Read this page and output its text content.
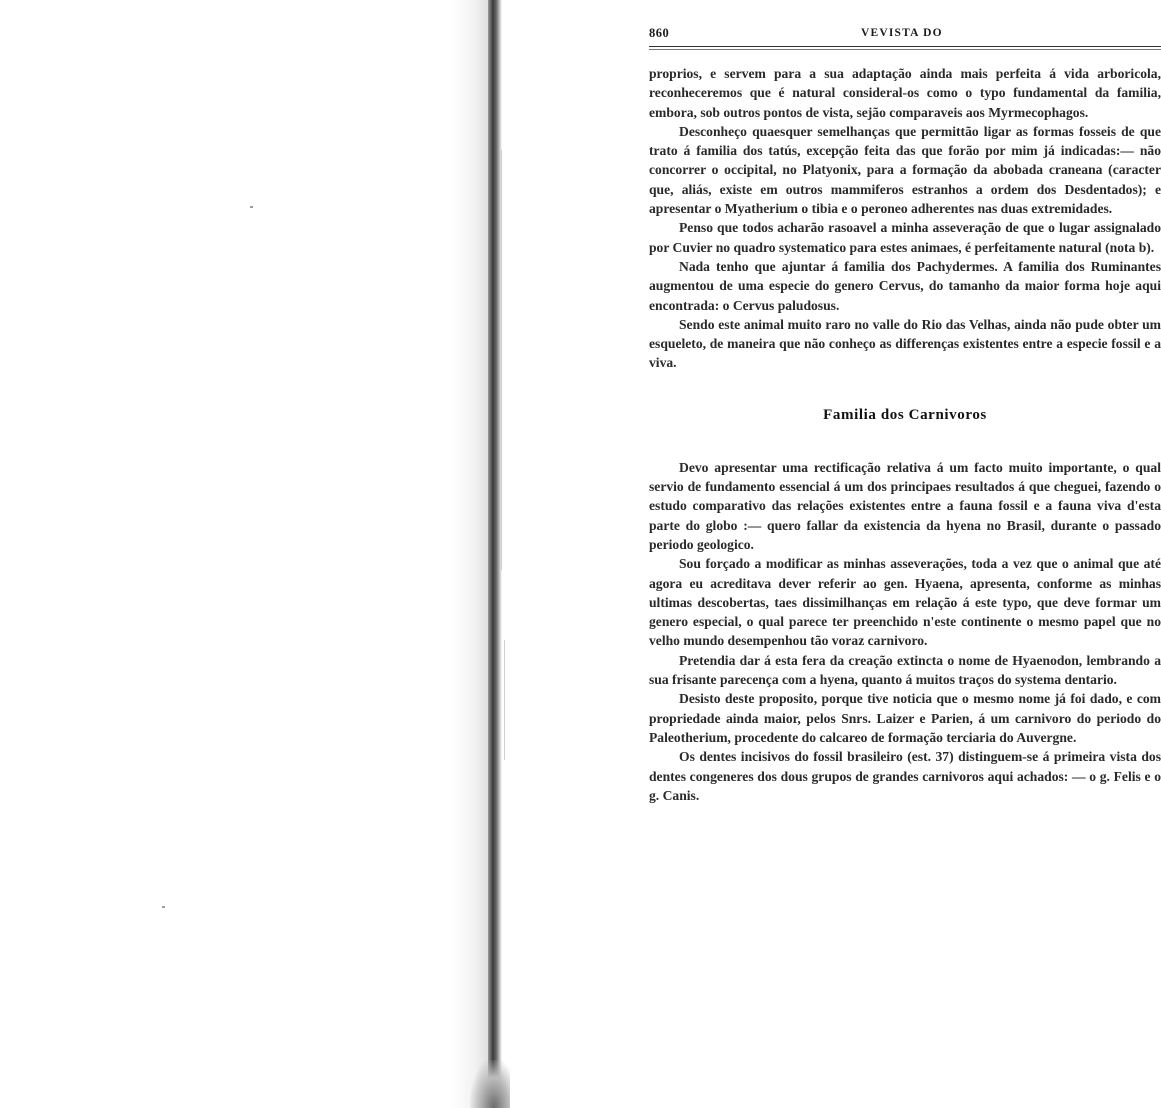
860	VEVISTA DO

proprios, e servem para a sua adaptação ainda mais perfeita á vida arboricola, reconheceremos que é natural consideral-os como o typo fundamental da familia, embora, sob outros pontos de vista, sejão comparaveis aos Myrmecophagos.

Desconheço quaesquer semelhanças que permittão ligar as formas fosseis de que trato á familia dos tatús, excepção feita das que forão por mim já indicadas:— não concorrer o occipital, no Platyonix, para a formação da abobada craneana (caracter que, aliás, existe em outros mammiferos estranhos a ordem dos Desdentados); e apresentar o Myatherium o tibia e o peroneo adherentes nas duas extremidades.

Penso que todos acharão rasoavel a minha asseveração de que o lugar assignalado por Cuvier no quadro systematico para estes animaes, é perfeitamente natural (nota b).

Nada tenho que ajuntar á familia dos Pachydermes. A familia dos Ruminantes augmentou de uma especie do genero Cervus, do tamanho da maior forma hoje aqui encontrada: o Cervus paludosus.

Sendo este animal muito raro no valle do Rio das Velhas, ainda não pude obter um esqueleto, de maneira que não conheço as differenças existentes entre a especie fossil e a viva.

Familia dos Carnivoros

Devo apresentar uma rectificação relativa á um facto muito importante, o qual servio de fundamento essencial á um dos principaes resultados á que cheguei, fazendo o estudo comparativo das relações existentes entre a fauna fossil e a fauna viva d'esta parte do globo :— quero fallar da existencia da hyena no Brasil, durante o passado periodo geologico.

Sou forçado a modificar as minhas asseverações, toda a vez que o animal que até agora eu acreditava dever referir ao gen. Hyaena, apresenta, conforme as minhas ultimas descobertas, taes dissimilhanças em relação á este typo, que deve formar um genero especial, o qual parece ter preenchido n'este continente o mesmo papel que no velho mundo desempenhou tão voraz carnivoro.

Pretendia dar á esta fera da creação extincta o nome de Hyaenodon, lembrando a sua frisante parecença com a hyena, quanto á muitos traços do systema dentario.

Desisto deste proposito, porque tive noticia que o mesmo nome já foi dado, e com propriedade ainda maior, pelos Snrs. Laizer e Parien, á um carnivoro do periodo do Paleotherium, procedente do calcareo de formação terciaria do Auvergne.

Os dentes incisivos do fossil brasileiro (est. 37) distinguem-se á primeira vista dos dentes congeneres dos dous grupos de grandes carnivoros aqui achados: — o g. Felis e o g. Canis.
